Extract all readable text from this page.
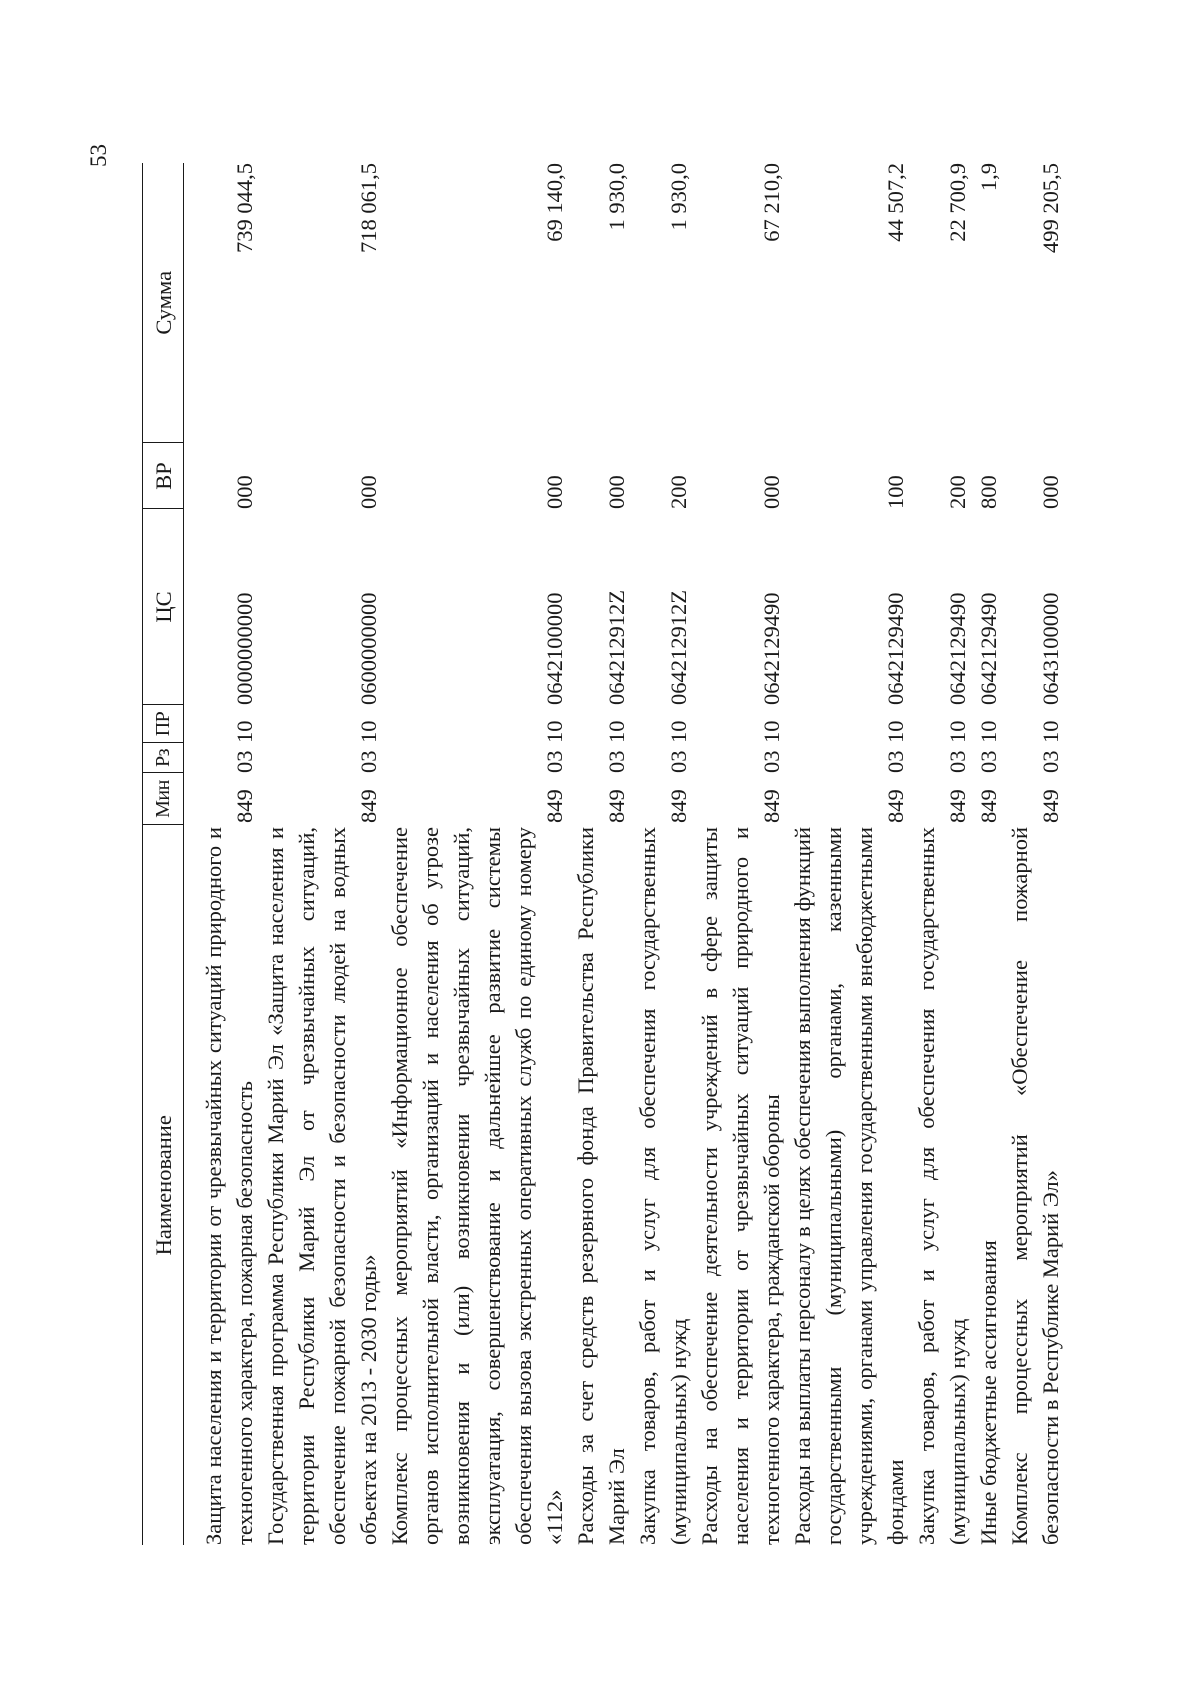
53
Наименование	Мин	Рз	ПР	ЦС	ВР	Сумма
Защита населения и территории от чрезвычайных ситуаций природного и техногенного характера, пожарная безопасность	849	03	10	0000000000	000	739 044,5
Государственная программа Республики Марий Эл «Защита населения и территории Республики Марий Эл от чрезвычайных ситуаций, обеспечение пожарной безопасности и безопасности людей на водных объектах на 2013 - 2030 годы»	849	03	10	0600000000	000	718 061,5
Комплекс процессных мероприятий «Информационное обеспечение органов исполнительной власти, организаций и населения об угрозе возникновения и (или) возникновении чрезвычайных ситуаций, эксплуатация, совершенствование и дальнейшее развитие системы обеспечения вызова экстренных оперативных служб по единому номеру «112»	849	03	10	0642100000	000	69 140,0
Расходы за счет средств резервного фонда Правительства Республики Марий Эл	849	03	10	064212912Z	000	1 930,0
Закупка товаров, работ и услуг для обеспечения государственных (муниципальных) нужд	849	03	10	064212912Z	200	1 930,0
Расходы на обеспечение деятельности учреждений в сфере защиты населения и территории от чрезвычайных ситуаций природного и техногенного характера, гражданской обороны	849	03	10	0642129490	000	67 210,0
Расходы на выплаты персоналу в целях обеспечения выполнения функций государственными (муниципальными) органами, казенными учреждениями, органами управления государственными внебюджетными фондами	849	03	10	0642129490	100	44 507,2
Закупка товаров, работ и услуг для обеспечения государственных (муниципальных) нужд	849	03	10	0642129490	200	22 700,9
Иные бюджетные ассигнования	849	03	10	0642129490	800	1,9
Комплекс процессных мероприятий «Обеспечение пожарной безопасности в Республике Марий Эл»	849	03	10	0643100000	000	499 205,5
